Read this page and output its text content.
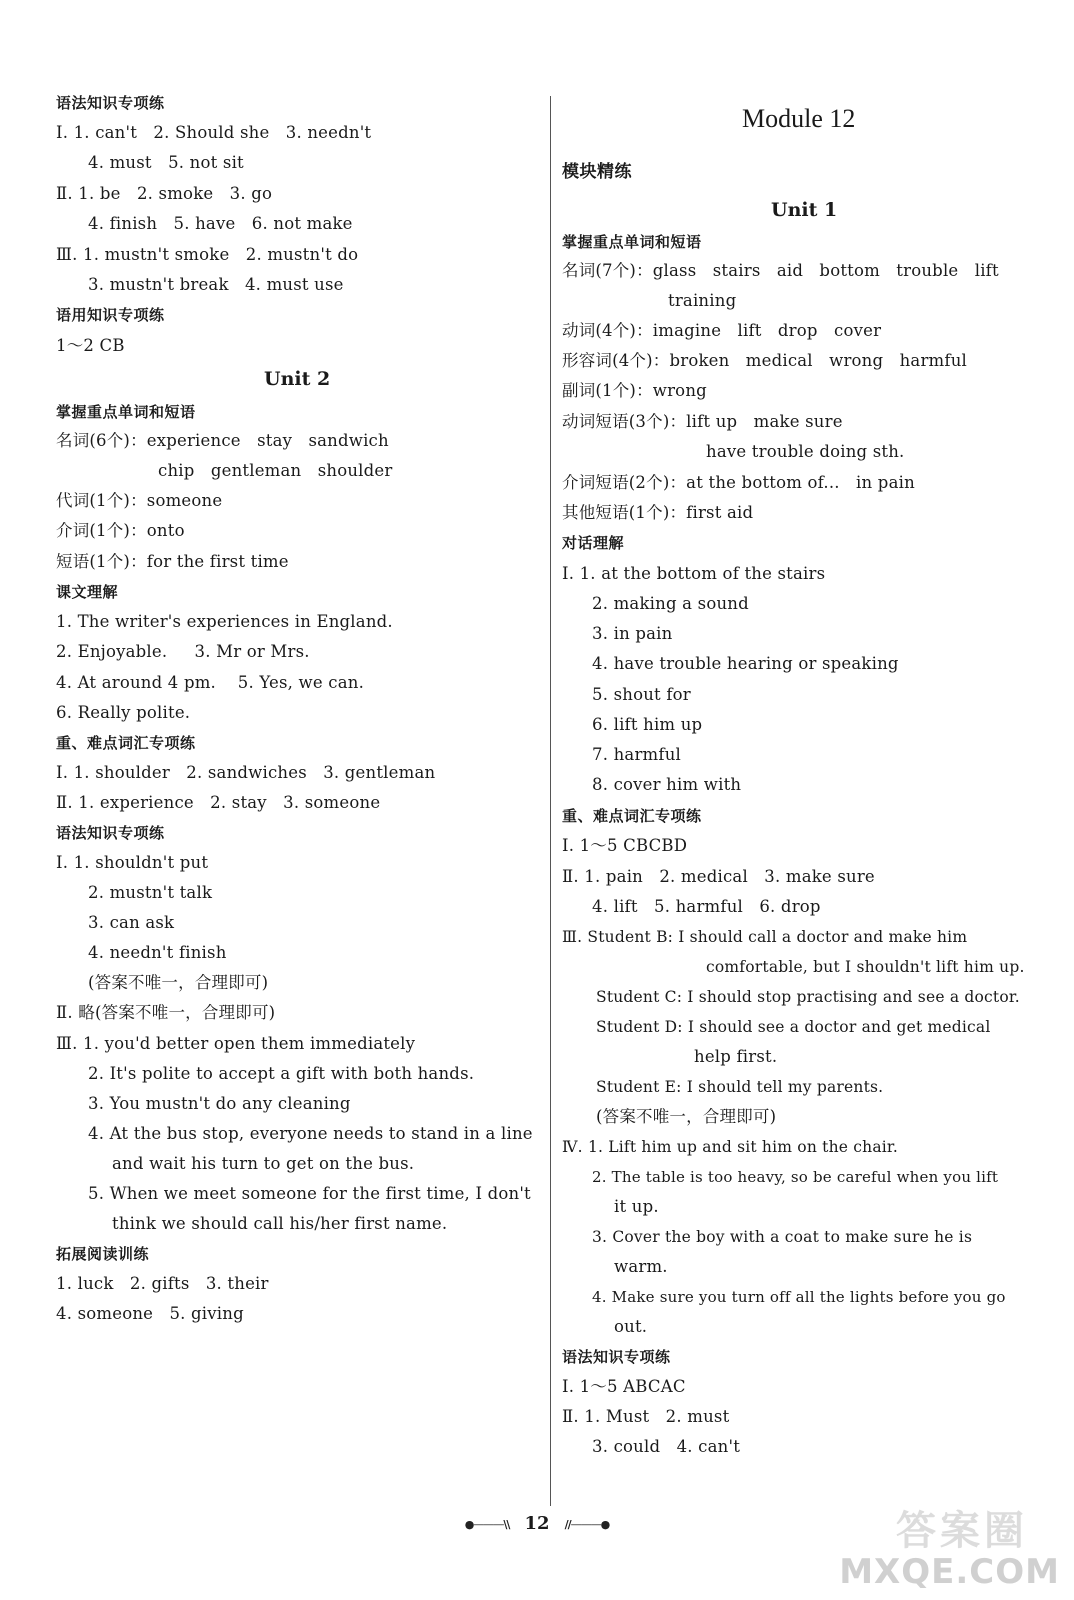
语法知识专项练
Ⅰ. 1. can't   2. Should she   3. needn't
4. must   5. not sit
Ⅱ. 1. be   2. smoke   3. go
4. finish   5. have   6. not make
Ⅲ. 1. mustn't smoke   2. mustn't do
3. mustn't break   4. must use
语用知识专项练
1～2 CB
Unit 2
掌握重点单词和短语
名词(6个)：experience   stay   sandwich
chip   gentleman   shoulder
代词(1个)：someone
介词(1个)：onto
短语(1个)：for the first time
课文理解
1. The writer's experiences in England.
2. Enjoyable.     3. Mr or Mrs.
4. At around 4 pm.    5. Yes, we can.
6. Really polite.
重、难点词汇专项练
Ⅰ. 1. shoulder   2. sandwiches   3. gentleman
Ⅱ. 1. experience   2. stay   3. someone
语法知识专项练
Ⅰ. 1. shouldn't put
2. mustn't talk
3. can ask
4. needn't finish
(答案不唯一，合理即可)
Ⅱ. 略(答案不唯一，合理即可)
Ⅲ. 1. you'd better open them immediately
2. It's polite to accept a gift with both hands.
3. You mustn't do any cleaning
4. At the bus stop, everyone needs to stand in a line
and wait his turn to get on the bus.
5. When we meet someone for the first time, I don't
think we should call his/her first name.
拓展阅读训练
1. luck   2. gifts   3. their
4. someone   5. giving
Module 12
模块精练
Unit 1
掌握重点单词和短语
名词(7个)：glass   stairs   aid   bottom   trouble   lift
training
动词(4个)：imagine   lift   drop   cover
形容词(4个)：broken   medical   wrong   harmful
副词(1个)：wrong
动词短语(3个)：lift up   make sure
have trouble doing sth.
介词短语(2个)：at the bottom of...   in pain
其他短语(1个)：first aid
对话理解
Ⅰ. 1. at the bottom of the stairs
2. making a sound
3. in pain
4. have trouble hearing or speaking
5. shout for
6. lift him up
7. harmful
8. cover him with
重、难点词汇专项练
Ⅰ. 1～5 CBCBD
Ⅱ. 1. pain   2. medical   3. make sure
4. lift   5. harmful   6. drop
Ⅲ. Student B: I should call a doctor and make him
comfortable, but I shouldn't lift him up.
Student C: I should stop practising and see a doctor.
Student D: I should see a doctor and get medical
help first.
Student E: I should tell my parents.
(答案不唯一，合理即可)
Ⅳ. 1. Lift him up and sit him on the chair.
2. The table is too heavy, so be careful when you lift
it up.
3. Cover the boy with a coat to make sure he is
warm.
4. Make sure you turn off all the lights before you go
out.
语法知识专项练
Ⅰ. 1～5 ABCAC
Ⅱ. 1. Must   2. must
3. could   4. can't
●———\\ 12 //———●	答案圈
MXQE.COM
